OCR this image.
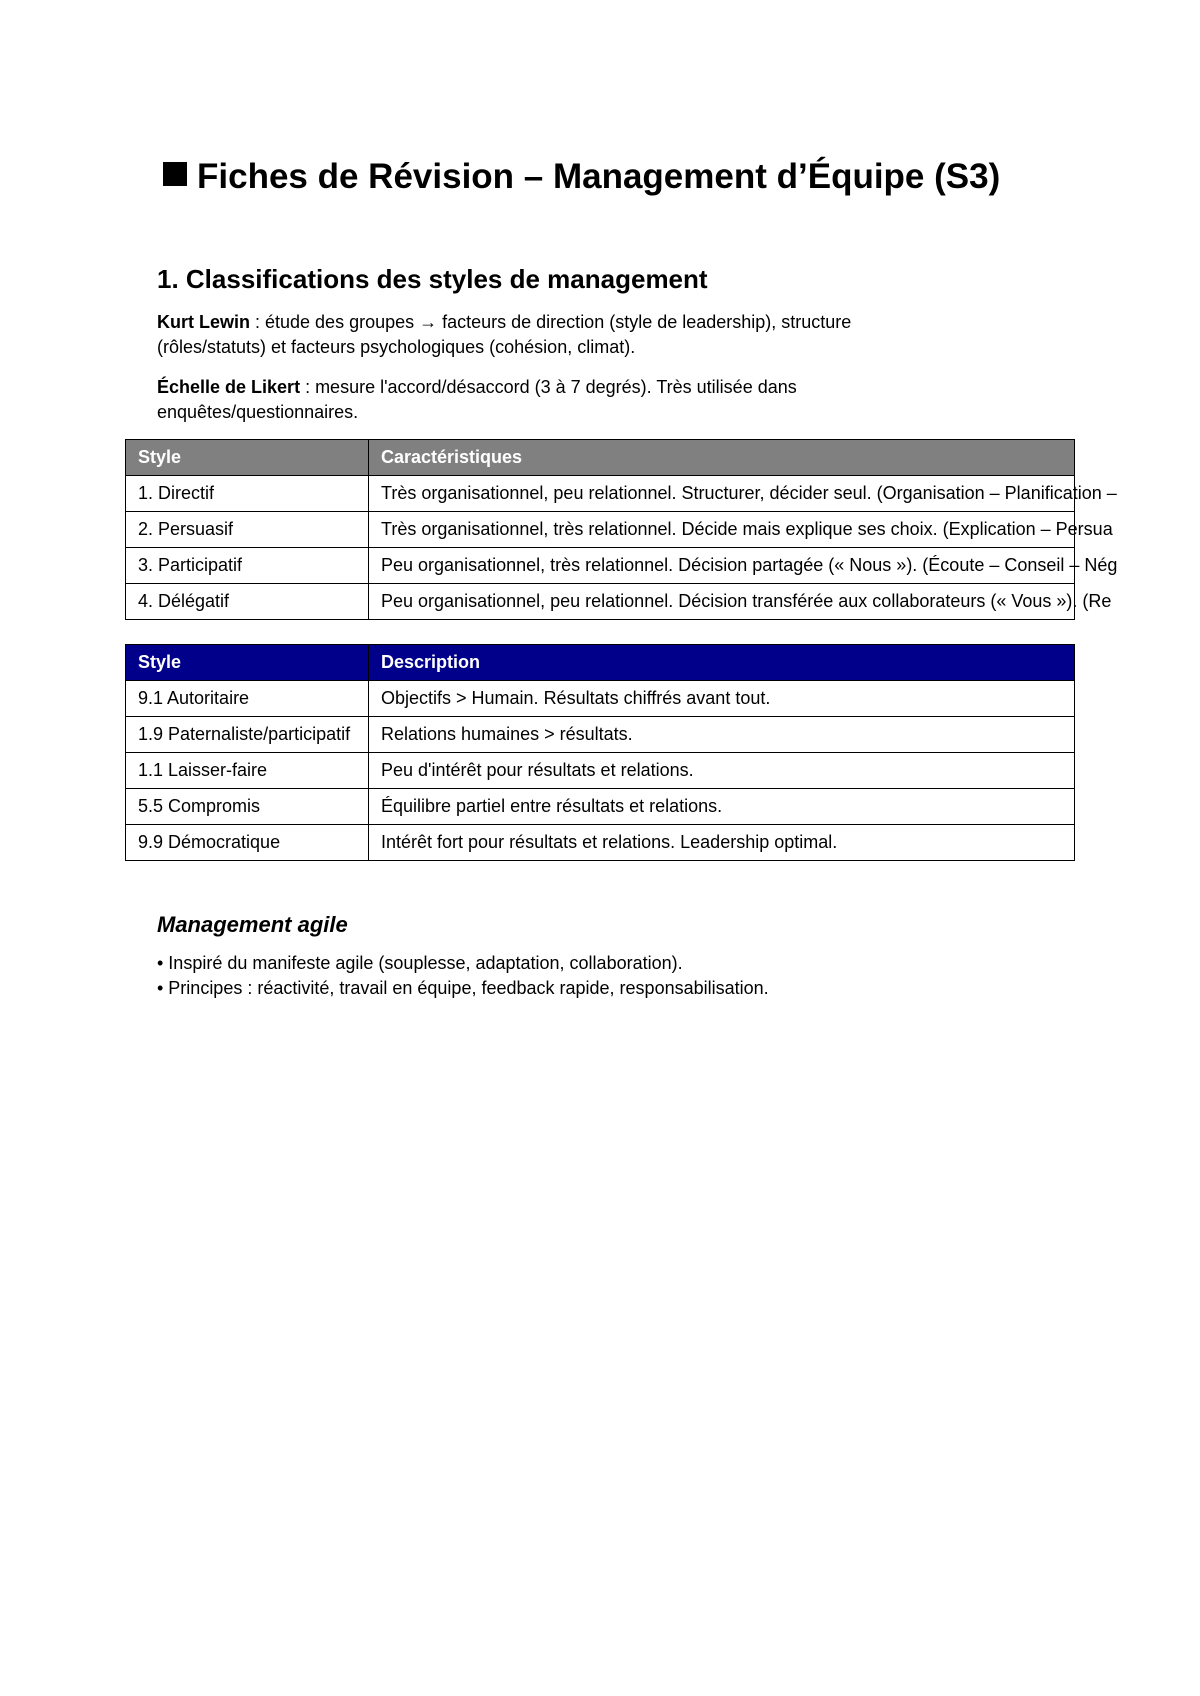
Fiches de Révision – Management d’Équipe (S3)
1. Classifications des styles de management

Kurt Lewin : étude des groupes → facteurs de direction (style de leadership), structure (rôles/statuts) et facteurs psychologiques (cohésion, climat).

Échelle de Likert : mesure l'accord/désaccord (3 à 7 degrés). Très utilisée dans enquêtes/questionnaires.

Style	Caractéristiques
1. Directif	Très organisationnel, peu relationnel. Structurer, décider seul. (Organisation – Planification –
2. Persuasif	Très organisationnel, très relationnel. Décide mais explique ses choix. (Explication – Persua
3. Participatif	Peu organisationnel, très relationnel. Décision partagée (« Nous »). (Écoute – Conseil – Nég
4. Délégatif	Peu organisationnel, peu relationnel. Décision transférée aux collaborateurs (« Vous »). (Re
Style	Description
9.1 Autoritaire	Objectifs > Humain. Résultats chiffrés avant tout.
1.9 Paternaliste/participatif	Relations humaines > résultats.
1.1 Laisser-faire	Peu d'intérêt pour résultats et relations.
5.5 Compromis	Équilibre partiel entre résultats et relations.
9.9 Démocratique	Intérêt fort pour résultats et relations. Leadership optimal.
Management agile
• Inspiré du manifeste agile (souplesse, adaptation, collaboration).
• Principes : réactivité, travail en équipe, feedback rapide, responsabilisation.
